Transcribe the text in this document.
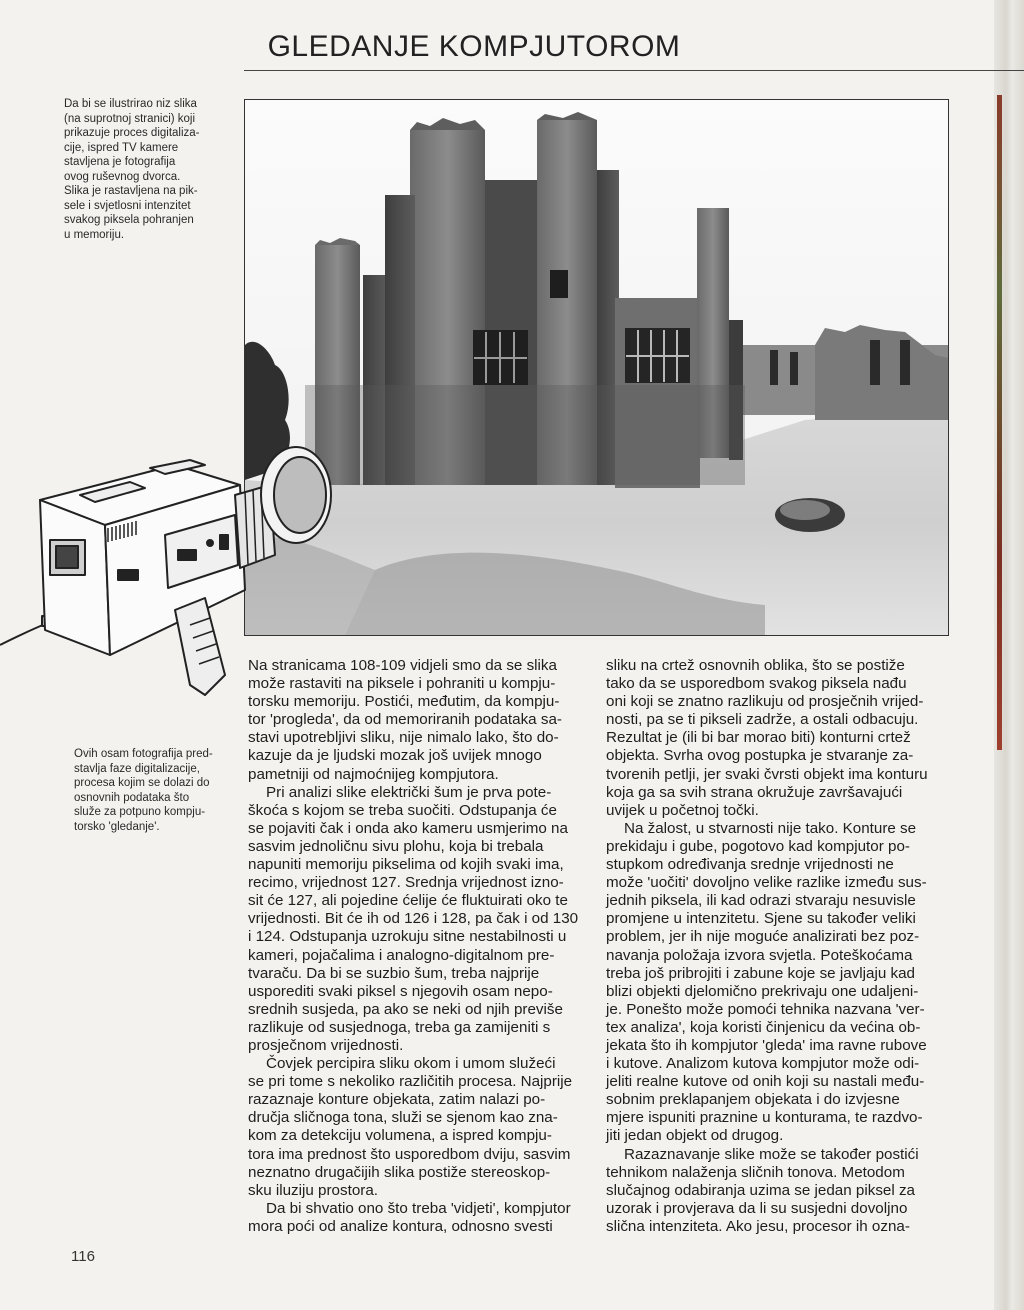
GLEDANJE KOMPJUTOROM
Da bi se ilustrirao niz slika
(na suprotnoj stranici) koji
prikazuje proces digitaliza-
cije, ispred TV kamere
stavljena je fotografija
ovog ruševnog dvorca.
Slika je rastavljena na pik-
sele i svjetlosni intenzitet
svakog piksela pohranjen
u memoriju.
Ovih osam fotografija pred-
stavlja faze digitalizacije,
procesa kojim se dolazi do
osnovnih podataka što
služe za potpuno kompju-
torsko 'gledanje'.

Na stranicama 108-109 vidjeli smo da se slika
može rastaviti na piksele i pohraniti u kompju-
torsku memoriju. Postići, međutim, da kompju-
tor 'progleda', da od memoriranih podataka sa-
stavi upotrebljivi sliku, nije nimalo lako, što do-
kazuje da je ljudski mozak još uvijek mnogo
pametniji od najmoćnijeg kompjutora.

Pri analizi slike električki šum je prva pote-
škoća s kojom se treba suočiti. Odstupanja će
se pojaviti čak i onda ako kameru usmjerimo na
sasvim jednoličnu sivu plohu, koja bi trebala
napuniti memoriju pikselima od kojih svaki ima,
recimo, vrijednost 127. Srednja vrijednost izno-
sit će 127, ali pojedine ćelije će fluktuirati oko te
vrijednosti. Bit će ih od 126 i 128, pa čak i od 130
i 124. Odstupanja uzrokuju sitne nestabilnosti u
kameri, pojačalima i analogno-digitalnom pre-
tvaraču. Da bi se suzbio šum, treba najprije
usporediti svaki piksel s njegovih osam nepo-
srednih susjeda, pa ako se neki od njih previše
razlikuje od susjednoga, treba ga zamijeniti s
prosječnom vrijednosti.

Čovjek percipira sliku okom i umom služeći
se pri tome s nekoliko različitih procesa. Najprije
razaznaje konture objekata, zatim nalazi po-
dručja sličnoga tona, služi se sjenom kao zna-
kom za detekciju volumena, a ispred kompju-
tora ima prednost što usporedbom dviju, sasvim
neznatno drugačijih slika postiže stereoskop-
sku iluziju prostora.

Da bi shvatio ono što treba 'vidjeti', kompjutor
mora poći od analize kontura, odnosno svesti

sliku na crtež osnovnih oblika, što se postiže
tako da se usporedbom svakog piksela nađu
oni koji se znatno razlikuju od prosječnih vrijed-
nosti, pa se ti pikseli zadrže, a ostali odbacuju.
Rezultat je (ili bi bar morao biti) konturni crtež
objekta. Svrha ovog postupka je stvaranje za-
tvorenih petlji, jer svaki čvrsti objekt ima konturu
koja ga sa svih strana okružuje završavajući
uvijek u početnoj točki.

Na žalost, u stvarnosti nije tako. Konture se
prekidaju i gube, pogotovo kad kompjutor po-
stupkom određivanja srednje vrijednosti ne
može 'uočiti' dovoljno velike razlike između sus-
jednih piksela, ili kad odrazi stvaraju nesuvisle
promjene u intenzitetu. Sjene su također veliki
problem, jer ih nije moguće analizirati bez poz-
navanja položaja izvora svjetla. Poteškoćama
treba još pribrojiti i zabune koje se javljaju kad
blizi objekti djelomično prekrivaju one udaljeni-
je. Ponešto može pomoći tehnika nazvana 'ver-
tex analiza', koja koristi činjenicu da većina ob-
jekata što ih kompjutor 'gleda' ima ravne rubove
i kutove. Analizom kutova kompjutor može odi-
jeliti realne kutove od onih koji su nastali među-
sobnim preklapanjem objekata i do izvjesne
mjere ispuniti praznine u konturama, te razdvo-
jiti jedan objekt od drugog.

Razaznavanje slike može se također postići
tehnikom nalaženja sličnih tonova. Metodom
slučajnog odabiranja uzima se jedan piksel za
uzorak i provjerava da li su susjedni dovoljno
slična intenziteta. Ako jesu, procesor ih ozna-

116
